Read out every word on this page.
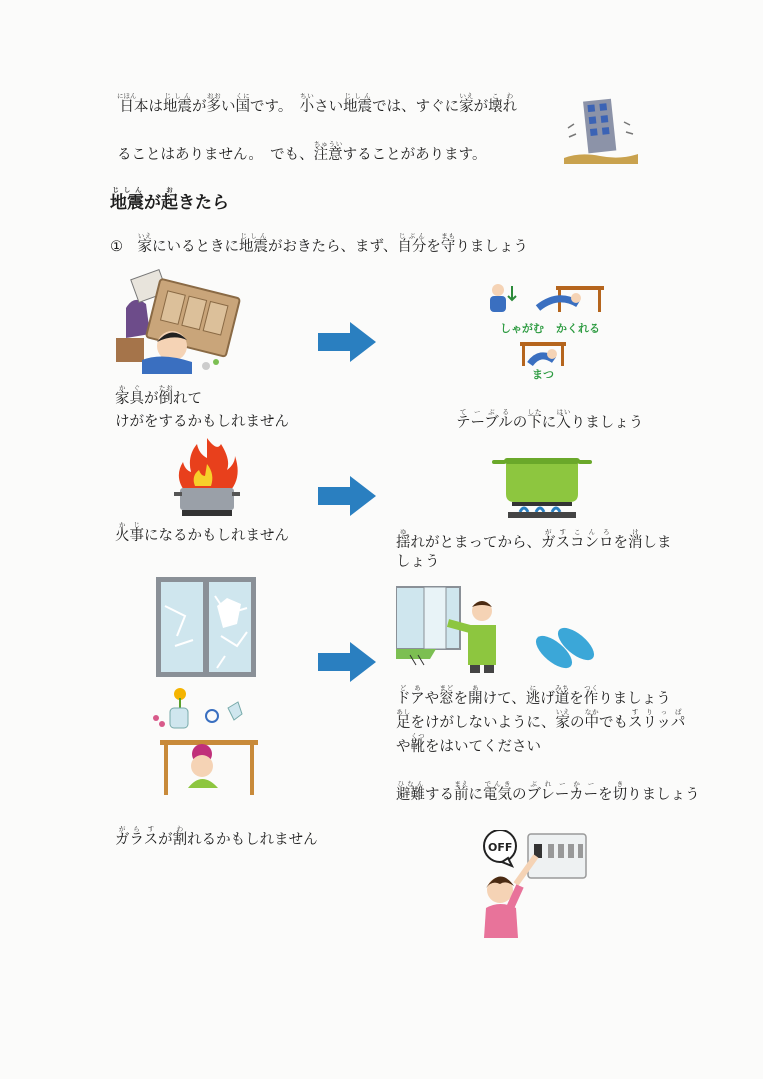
日にほん本は地震じしんが多おおい国くにです。　 小ちいさい地震じしんでは、すぐに家いえが壊れこわ
ることはありません。　 でも、注意ちゅういすることがあります。
地震じしんが起おきたら
①　 家いえにいるときに地震じしんがおきたら、まず、自分じぶんを守まもりましょう
家具かぐが倒たおれて
けがをするかもしれません
しゃがむ かくれる
まつ
テーブルてーぶるの下したに入はいりましょう
火事かじになるかもしれません	揺ゆれがとまってから、ガスコンロがすこんろを消けしま
しょう
ガラスがらすが割われるかもしれません
ドアどあや窓まどを開あけて、逃にげ道みちを作つくりましょう
足あしをけがしないように、家いえの中なかでもスリッパすりっぱ
や靴くつをはいてください
避難ひなんする前まえに電気でんきのブレーカーぶれーかーを切きりましょう
OFF
